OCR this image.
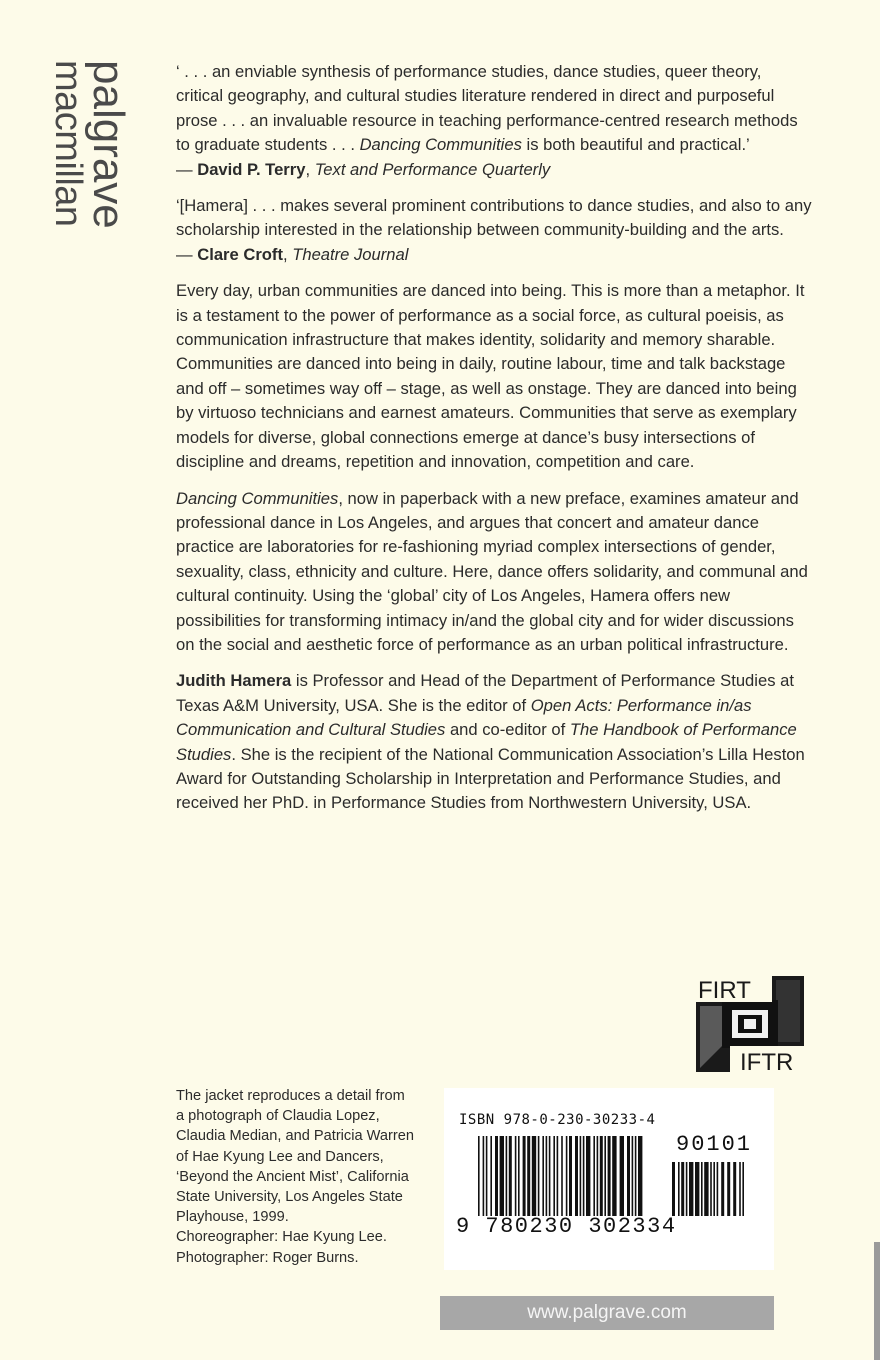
palgrave
macmillan	‘ . . . an enviable synthesis of performance studies, dance studies, queer theory, critical geography, and cultural studies literature rendered in direct and purposeful prose . . . an invaluable resource in teaching performance-centred research methods to graduate students . . . Dancing Communities is both beautiful and practical.’

— David P. Terry, Text and Performance Quarterly

‘[Hamera] . . . makes several prominent contributions to dance studies, and also to any scholarship interested in the relationship between community-building and the arts.

— Clare Croft, Theatre Journal

Every day, urban communities are danced into being. This is more than a metaphor. It is a testament to the power of performance as a social force, as cultural poeisis, as communication infrastructure that makes identity, solidarity and memory sharable. Communities are danced into being in daily, routine labour, time and talk backstage and off – sometimes way off – stage, as well as onstage. They are danced into being by virtuoso technicians and earnest amateurs. Communities that serve as exemplary models for diverse, global connections emerge at dance’s busy intersections of discipline and dreams, repetition and innovation, competition and care.

Dancing Communities, now in paperback with a new preface, examines amateur and professional dance in Los Angeles, and argues that concert and amateur dance practice are laboratories for re-fashioning myriad complex intersections of gender, sexuality, class, ethnicity and culture. Here, dance offers solidarity, and communal and cultural continuity. Using the ‘global’ city of Los Angeles, Hamera offers new possibilities for transforming intimacy in/and the global city and for wider discussions on the social and aesthetic force of performance as an urban political infrastructure.

Judith Hamera is Professor and Head of the Department of Performance Studies at Texas A&M University, USA. She is the editor of Open Acts: Performance in/as Communication and Cultural Studies and co-editor of The Handbook of Performance Studies. She is the recipient of the National Communication Association’s Lilla Heston Award for Outstanding Scholarship in Interpretation and Performance Studies, and received her PhD. in Performance Studies from Northwestern University, USA.

FIRT
IFTR
The jacket reproduces a detail from
a photograph of Claudia Lopez,
Claudia Median, and Patricia Warren
of Hae Kyung Lee and Dancers,
‘Beyond the Ancient Mist’, California
State University, Los Angeles State
Playhouse, 1999.
Choreographer: Hae Kyung Lee.
Photographer: Roger Burns.
ISBN 978-0-230-30233-4
90101
9 780230 302334
www.palgrave.com
